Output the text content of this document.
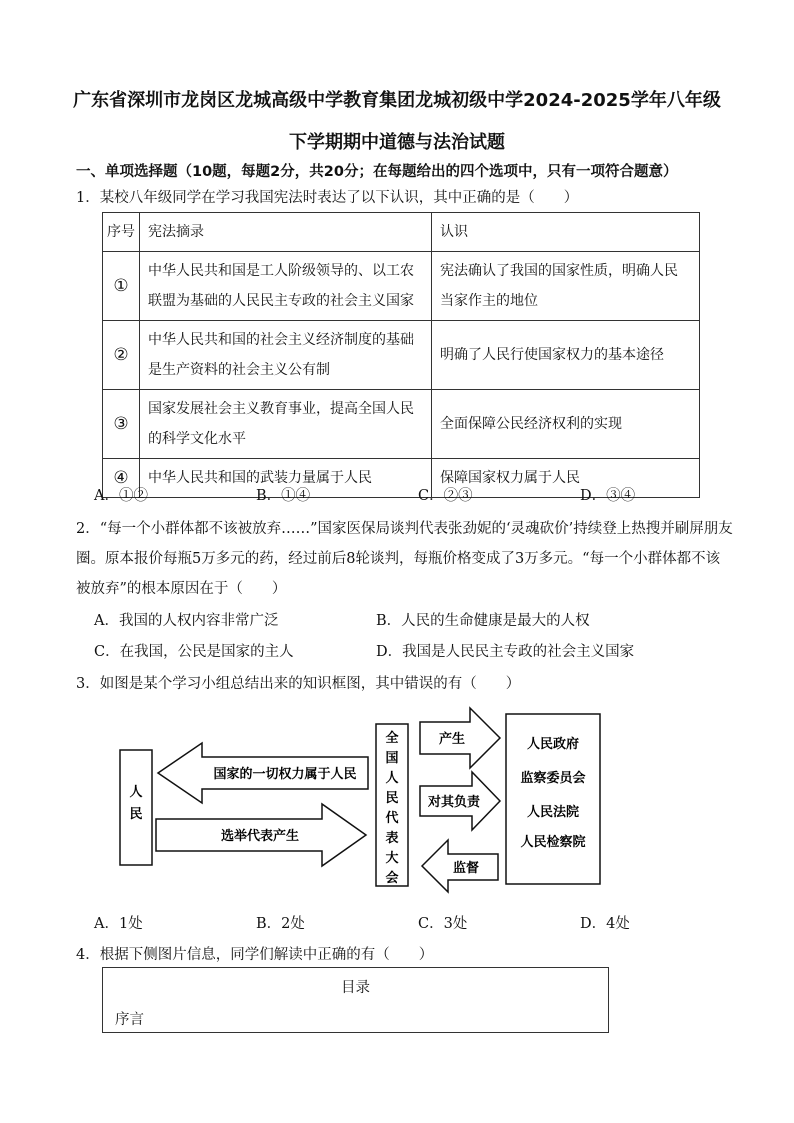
广东省深圳市龙岗区龙城高级中学教育集团龙城初级中学2024-2025学年八年级
下学期期中道德与法治试题
一、单项选择题（10题，每题2分，共20分；在每题给出的四个选项中，只有一项符合题意）
1．某校八年级同学在学习我国宪法时表达了以下认识，其中正确的是（　　）
序号	宪法摘录	认识
①	中华人民共和国是工人阶级领导的、以工农联盟为基础的人民民主专政的社会主义国家	宪法确认了我国的国家性质，明确人民当家作主的地位
②	中华人民共和国的社会主义经济制度的基础是生产资料的社会主义公有制	明确了人民行使国家权力的基本途径
③	国家发展社会主义教育事业，提高全国人民的科学文化水平	全面保障公民经济权利的实现
④	中华人民共和国的武装力量属于人民	保障国家权力属于人民
A．①②	B．①④	C．②③	D．③④
2．“每一个小群体都不该被放弃……”国家医保局谈判代表张劲妮的‘灵魂砍价’持续登上热搜并刷屏朋友
圈。原本报价每瓶5万多元的药，经过前后8轮谈判，每瓶价格变成了3万多元。“每一个小群体都不该
被放弃”的根本原因在于（　　）
A．我国的人权内容非常广泛	B．人民的生命健康是最大的人权
C．在我国，公民是国家的主人	D．我国是人民民主专政的社会主义国家
3．如图是某个学习小组总结出来的知识框图，其中错误的有（　　）
人
民
国家的一切权力属于人民
选举代表产生
全
国
人
民
代
表
大
会
产生
对其负责
监督
人民政府
监察委员会
人民法院
人民检察院
A．1处	B．2处	C．3处	D．4处
4．根据下侧图片信息，同学们解读中正确的有（　　）
目录
序言
